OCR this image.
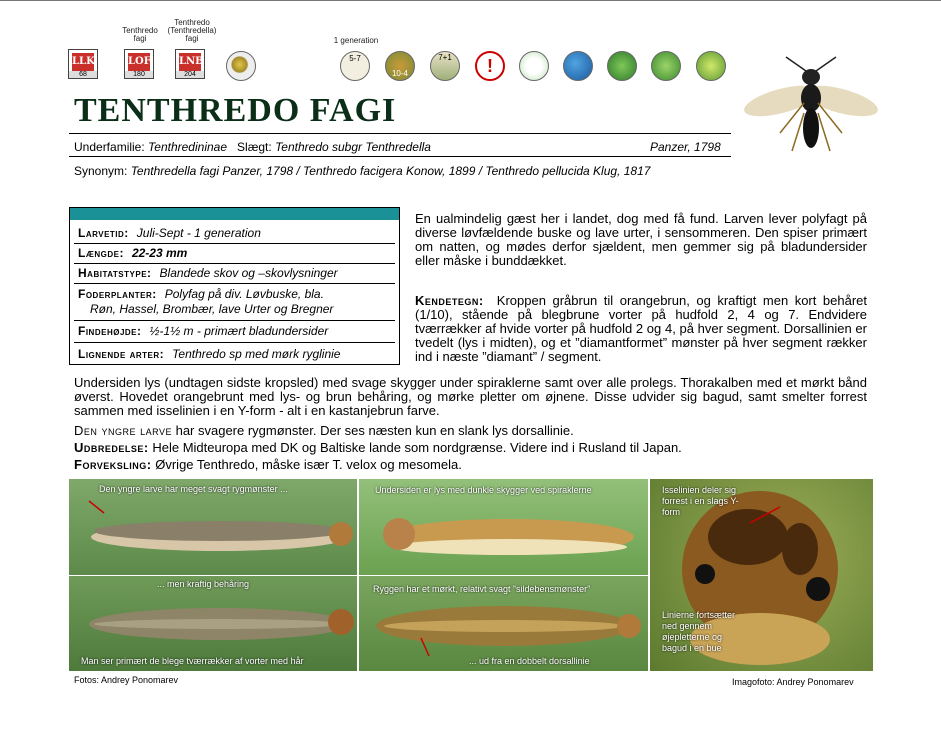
Tenthredo fagi
Tenthredo (Tenthredella) fagi	1 generation
LLK
68
LOF
180
LNB
204
5-7
10-4
7+1	!
TENTHREDO FAGI
Underfamilie: Tenthredininae Slægt: Tenthredo subgr Tenthredella	Panzer, 1798
Synonym: Tenthredella fagi Panzer, 1798 / Tenthredo facigera Konow, 1899 / Tenthredo pellucida Klug, 1817
Larvetid: Juli-Sept - 1 generation
Længde: 22-23 mm
Habitatstype: Blandede skov og –skovlysninger
Foderplanter: Polyfag på div. Løvbuske, bla.
Røn, Hassel, Brombær, lave Urter og Bregner
Findehøjde: ½-1½ m - primært bladundersider
Lignende arter: Tenthredo sp med mørk ryglinie
En ualmindelig gæst her i landet, dog med få fund. Larven lever polyfagt på diverse løvfældende buske og lave urter, i sensommeren. Den spiser primært om natten, og mødes derfor sjældent, men gemmer sig på bladundersider eller måske i bunddækket.
Kendetegn: Kroppen gråbrun til orangebrun, og kraftigt men kort behåret (1/10), stående på blegbrune vorter på hudfold 2, 4 og 7. Endvidere tværrækker af hvide vorter på hudfold 2 og 4, på hver segment. Dorsallinien er tvedelt (lys i midten), og et ”diamantformet” mønster på hver segment rækker ind i næste ”diamant” / segment.
Undersiden lys (undtagen sidste kropsled) med svage skygger under spiraklerne samt over alle prolegs. Thorakalben med et mørkt bånd øverst. Hovedet orangebrunt med lys- og brun behåring, og mørke pletter om øjnene. Disse udvider sig bagud, samt smelter forrest sammen med isselinien i en Y-form - alt i en kastanjebrun farve.
Den yngre larve har svagere rygmønster. Der ses næsten kun en slank lys dorsallinie.
Udbredelse: Hele Midteuropa med DK og Baltiske lande som nordgrænse. Videre ind i Rusland til Japan.
Forveksling: Øvrige Tenthredo, måske især T. velox og mesomela.
Den yngre larve har meget svagt rygmønster ...
... men kraftig behåring
Man ser primært de blege tværrækker af vorter med hår
Undersiden er lys med dunkle skygger ved spiraklerne
Ryggen har et mørkt, relativt svagt ”sildebensmønster”
... ud fra en dobbelt dorsallinie
Isselinien deler sig forrest i en slags Y-form
Linierne fortsætter ned gennem øjepletterne og bagud i en bue
Fotos: Andrey Ponomarev	Imagofoto: Andrey Ponomarev
